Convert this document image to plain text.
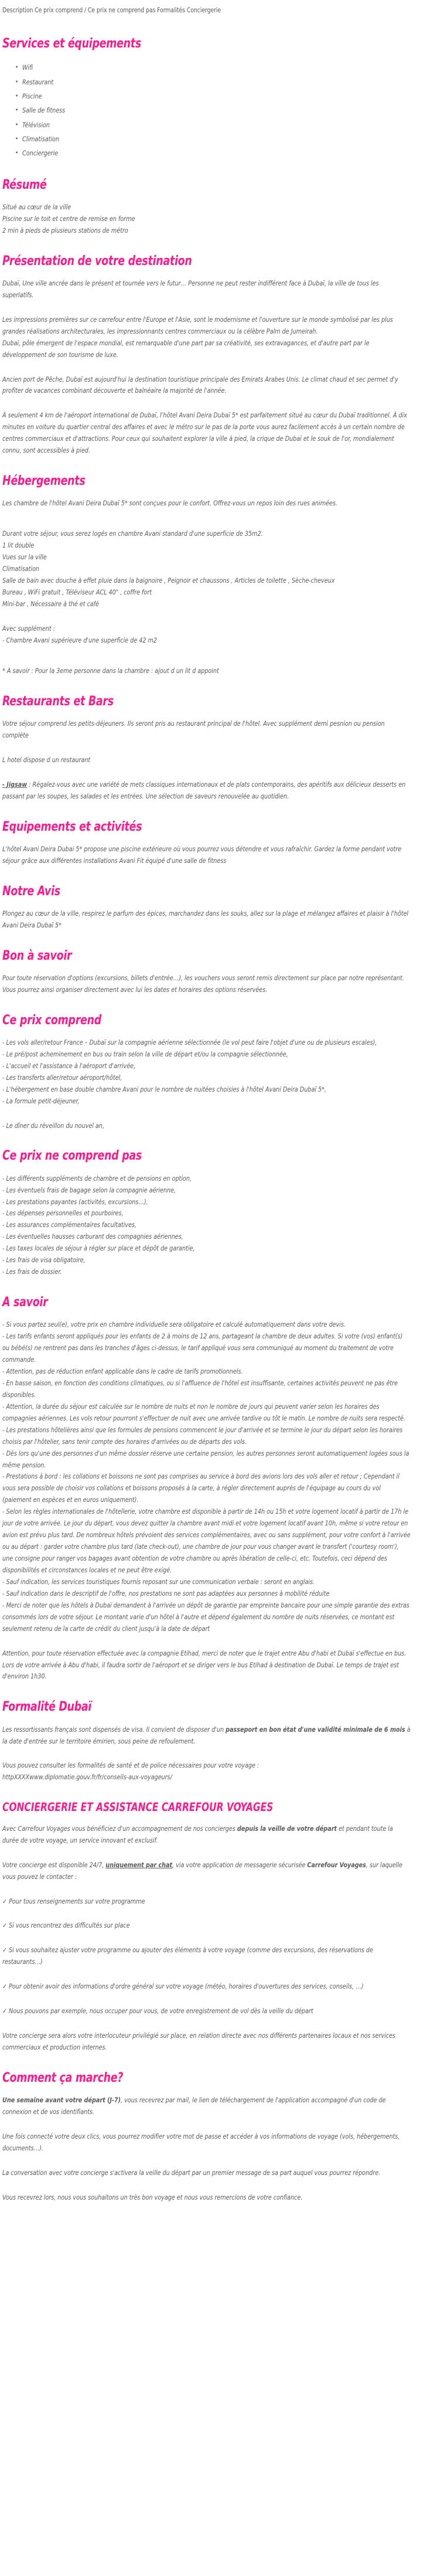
Description Ce prix comprend / Ce prix ne comprend pas Formalités Conciergerie
Services et équipements
• Wifi
• Restaurant
• Piscine
• Salle de fitness
• Télévision
• Climatisation
• Conciergerie
Résumé

Situé au cœur de la ville

Piscine sur le toit et centre de remise en forme

2 min à pieds de plusieurs stations de métro

Présentation de votre destination

Dubaï, Une ville ancrée dans le présent et tournée vers le futur… Personne ne peut rester indifférent face à Dubaï, la ville de tous les superlatifs.

Les impressions premières sur ce carrefour entre l'Europe et l'Asie, sont le modernisme et l'ouverture sur le monde symbolisé par les plus grandes réalisations architecturales, les impressionnants centres commerciaux ou la célèbre Palm de Jumeirah.

Dubaï, pôle émergent de l'espace mondial, est remarquable d'une part par sa créativité, ses extravagances, et d'autre part par le développement de son tourisme de luxe.

Ancien port de Pêche, Dubaï est aujourd'hui la destination touristique principale des Emirats Arabes Unis. Le climat chaud et sec permet d'y profiter de vacances combinant découverte et balnéaire la majorité de l'année.

À seulement 4 km de l'aéroport international de Dubaï, l'hôtel Avani Deira Dubaï 5* est parfaitement situé au cœur du Dubaï traditionnel. À dix minutes en voiture du quartier central des affaires et avec le métro sur le pas de la porte vous aurez facilement accès à un certain nombre de centres commerciaux et d'attractions. Pour ceux qui souhaitent explorer la ville à pied, la crique de Dubaï et le souk de l'or, mondialement connu, sont accessibles à pied.

Hébergements

Les chambre de l'hôtel Avani Deira Dubaï 5* sont conçues pour le confort. Offrez-vous un repos loin des rues animées.

Durant votre séjour, vous serez logés en chambre Avani standard d'une superficie de 35m2.

1 lit double

Vues sur la ville

Climatisation

Salle de bain avec douche à effet pluie dans la baignoire , Peignoir et chaussons , Articles de toilette , Sèche-cheveux

Bureau , WiFi gratuit , Téléviseur ACL 40" , coffre fort

Mini-bar , Nécessaire à thé et café

Avec supplément :

- Chambre Avani supérieure d'une superficie de 42 m2

* A savoir : Pour la 3eme personne dans la chambre : ajout d un lit d appoint

Restaurants et Bars

Votre séjour comprend les petits-déjeuners. Ils seront pris au restaurant principal de l'hôtel. Avec supplément demi pesnion ou pension complète

L hotel dispose d un restaurant

- Jigsaw : Régalez-vous avec une variété de mets classiques internationaux et de plats contemporains, des apéritifs aux délicieux desserts en passant par les soupes, les salades et les entrées. Une sélection de saveurs renouvelée au quotidien.

Equipements et activités

L'hôtel Avani Deira Dubai 5* propose une piscine extérieure où vous pourrez vous détendre et vous rafraîchir. Gardez la forme pendant votre séjour grâce aux différentes installations Avani Fit équipé d'une salle de fitness

Notre Avis

Plongez au cœur de la ville, respirez le parfum des épices, marchandez dans les souks, allez sur la plage et mélangez affaires et plaisir à l'hôtel Avani Deira Dubaï 5*

Bon à savoir

Pour toute réservation d'options (excursions, billets d'entrée…), les vouchers vous seront remis directement sur place par notre représentant.

Vous pourrez ainsi organiser directement avec lui les dates et horaires des options réservées.

Ce prix comprend

- Les vols aller/retour France – Dubaï sur la compagnie aérienne sélectionnée (le vol peut faire l'objet d'une ou de plusieurs escales),

- Le pré/post acheminement en bus ou train selon la ville de départ et/ou la compagnie sélectionnée,

- L'accueil et l'assistance à l'aéroport d'arrivée,

- Les transferts aller/retour aéroport/hôtel,

- L'hébergement en base double chambre Avani pour le nombre de nuitées choisies à l'hôtel Avani Deira Dubaï 5*,

- La formule petit-déjeuner,

- Le dîner du réveillon du nouvel an,

Ce prix ne comprend pas

- Les différents suppléments de chambre et de pensions en option,

- Les éventuels frais de bagage selon la compagnie aérienne,

- Les prestations payantes (activités, excursions…),

- Les dépenses personnelles et pourboires,

- Les assurances complémentaires facultatives,

- Les éventuelles hausses carburant des compagnies aériennes,

- Les taxes locales de séjour à régler sur place et dépôt de garantie,

- Les frais de visa obligatoire,

- Les frais de dossier.

A savoir

- Si vous partez seul(e), votre prix en chambre individuelle sera obligatoire et calculé automatiquement dans votre devis.

- Les tarifs enfants seront appliqués pour les enfants de 2 à moins de 12 ans, partageant la chambre de deux adultes. Si votre (vos) enfant(s) ou bébé(s) ne rentrent pas dans les tranches d'âges ci-dessus, le tarif appliqué vous sera communiqué au moment du traitement de votre commande.

- Attention, pas de réduction enfant applicable dans le cadre de tarifs promotionnels.

- En basse saison, en fonction des conditions climatiques, ou si l'affluence de l'hôtel est insuffisante, certaines activités peuvent ne pas être disponibles.

- Attention, la durée du séjour est calculée sur le nombre de nuits et non le nombre de jours qui peuvent varier selon les horaires des compagnies aériennes. Les vols retour pourront s'effectuer de nuit avec une arrivée tardive ou tôt le matin. Le nombre de nuits sera respecté.

- Les prestations hôtelières ainsi que les formules de pensions commencent le jour d'arrivée et se termine le jour du départ selon les horaires choisis par l'hôtelier, sans tenir compte des horaires d'arrivées ou de départs des vols.

- Dès lors qu'une des personnes d'un même dossier réserve une certaine pension, les autres personnes seront automatiquement logées sous la même pension.

- Prestations à bord : les collations et boissons ne sont pas comprises au service à bord des avions lors des vols aller et retour ; Cependant il vous sera possible de choisir vos collations et boissons proposés à la carte, à régler directement auprès de l'équipage au cours du vol (paiement en espèces et en euros uniquement).

- Selon les règles internationales de l'hôtellerie, votre chambre est disponible à partir de 14h ou 15h et votre logement locatif à partir de 17h le jour de votre arrivée. Le jour du départ, vous devez quitter la chambre avant midi et votre logement locatif avant 10h, même si votre retour en avion est prévu plus tard. De nombreux hôtels prévoient des services complémentaires, avec ou sans supplément, pour votre confort à l'arrivée ou au départ : garder votre chambre plus tard (late check-out), une chambre de jour pour vous changer avant le transfert ('courtesy room'), une consigne pour ranger vos bagages avant obtention de votre chambre ou après libération de celle-ci, etc. Toutefois, ceci dépend des disponibilités et circonstances locales et ne peut être exigé.

- Sauf indication, les services touristiques fournis reposant sur une communication verbale : seront en anglais.

- Sauf indication dans le descriptif de l'offre, nos prestations ne sont pas adaptées aux personnes à mobilité réduite

- Merci de noter que les hôtels à Dubaï demandent à l'arrivée un dépôt de garantie par empreinte bancaire pour une simple garantie des extras consommés lors de votre séjour. Le montant varie d'un hôtel à l'autre et dépend également du nombre de nuits réservées, ce montant est seulement retenu de la carte de crédit du client jusqu'à la date de départ

Attention, pour toute réservation effectuée avec la compagnie Etihad, merci de noter que le trajet entre Abu d'habi et Dubaï s'effectue en bus. Lors de votre arrivée à Abu d'habi, il faudra sortir de l'aéroport et se diriger vers le bus Etihad à destination de Dubaï. Le temps de trajet est d'environ 1h30.

Formalité Dubaï

Les ressortissants français sont dispensés de visa. Il convient de disposer d'un passeport en bon état d'une validité minimale de 6 mois à la date d'entrée sur le territoire émirien, sous peine de refoulement.

Vous pouvez consulter les formalités de santé et de police nécessaires pour votre voyage :

httpXXXXwww.diplomatie.gouv.fr/fr/conseils-aux-voyageurs/

CONCIERGERIE ET ASSISTANCE CARREFOUR VOYAGES

Avec Carrefour Voyages vous bénéficiez d'un accompagnement de nos concierges depuis la veille de votre départ et pendant toute la durée de votre voyage, un service innovant et exclusif.

Votre concierge est disponible 24/7, uniquement par chat, via votre application de messagerie sécurisée Carrefour Voyages, sur laquelle vous pouvez le contacter :

✓ Pour tous renseignements sur votre programme

✓ Si vous rencontrez des difficultés sur place

✓ Si vous souhaitez ajuster votre programme ou ajouter des éléments à votre voyage (comme des excursions, des réservations de restaurants…)

✓ Pour obtenir avoir des informations d'ordre général sur votre voyage (météo, horaires d'ouvertures des services, conseils, …)

✓ Nous pouvons par exemple, nous occuper pour vous, de votre enregistrement de vol dès la veille du départ

Votre concierge sera alors votre interlocuteur privilégié sur place, en relation directe avec nos différents partenaires locaux et nos services commerciaux et production internes.

Comment ça marche?

Une semaine avant votre départ (J-7), vous recevrez par mail, le lien de téléchargement de l'application accompagné d'un code de connexion et de vos identifiants.

Une fois connecté votre deux clics, vous pourrez modifier votre mot de passe et accéder à vos informations de voyage (vols, hébergements, documents…).

La conversation avec votre concierge s'activera la veille du départ par un premier message de sa part auquel vous pourrez répondre.

Vous recevrez lors, nous vous souhaitons un très bon voyage et nous vous remercions de votre confiance.
